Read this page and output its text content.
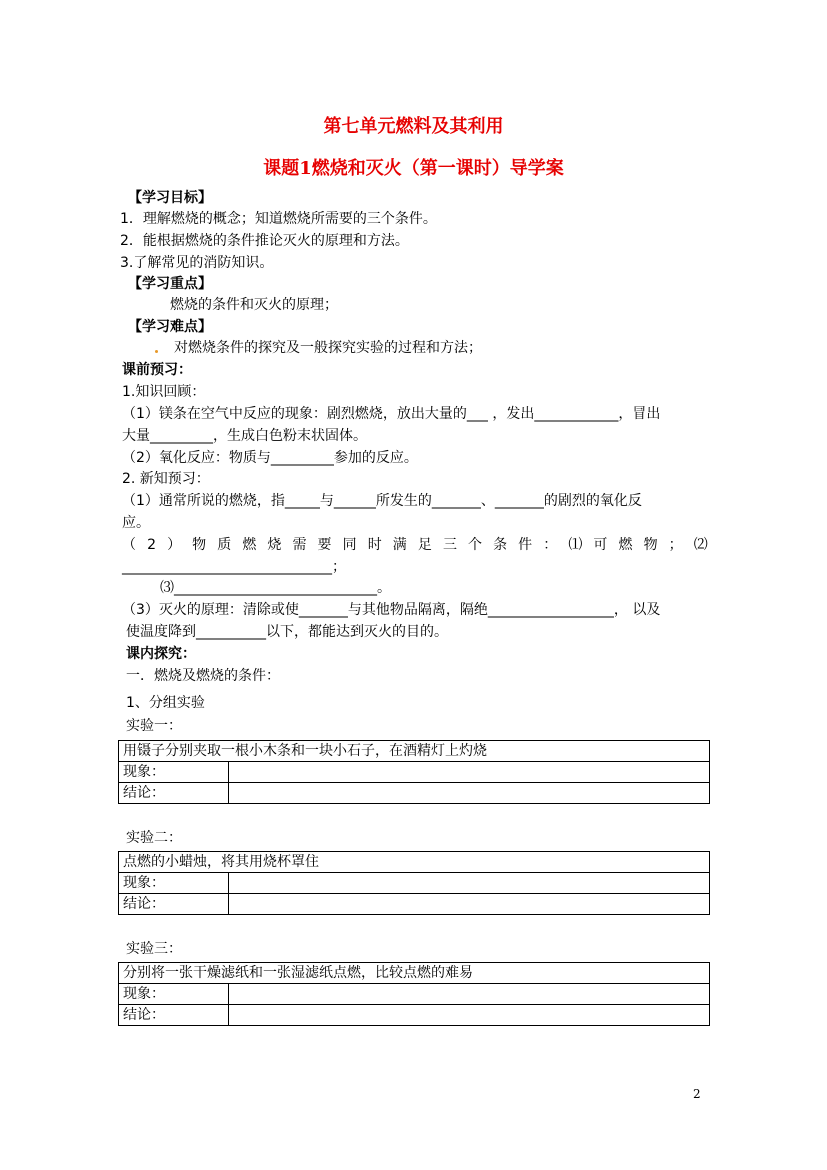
第七单元燃料及其利用
课题1燃烧和灭火（第一课时）导学案
【学习目标】
1．理解燃烧的概念；知道燃烧所需要的三个条件。
2．能根据燃烧的条件推论灭火的原理和方法。
3.了解常见的消防知识。
【学习重点】
燃烧的条件和灭火的原理；
【学习难点】
对燃烧条件的探究及一般探究实验的过程和方法；
课前预习：
1.知识回顾：
（1）镁条在空气中反应的现象：剧烈燃烧，放出大量的___ ，发出____________，冒出
大量_________，生成白色粉末状固体。
（2）氧化反应：物质与_________参加的反应。
2. 新知预习：
（1）通常所说的燃烧，指_____与______所发生的_______、_______的剧烈的氧化反
应。
（ 2 ） 物 质 燃 烧 需 要 同 时 满 足 三 个 条 件 ： ⑴ 可 燃 物 ； ⑵
______________________________；
⑶_____________________________。
（3）灭火的原理：清除或使_______与其他物品隔离，隔绝__________________， 以及
使温度降到__________以下，都能达到灭火的目的。
课内探究：
一．燃烧及燃烧的条件：
1、分组实验
实验一：
用镊子分别夹取一根小木条和一块小石子，在酒精灯上灼烧	
现象：	
结论：	
实验二：
点燃的小蜡烛，将其用烧杯罩住	
现象：	
结论：	
实验三：
分别将一张干燥滤纸和一张湿滤纸点燃，比较点燃的难易	
现象：	
结论：	
2
